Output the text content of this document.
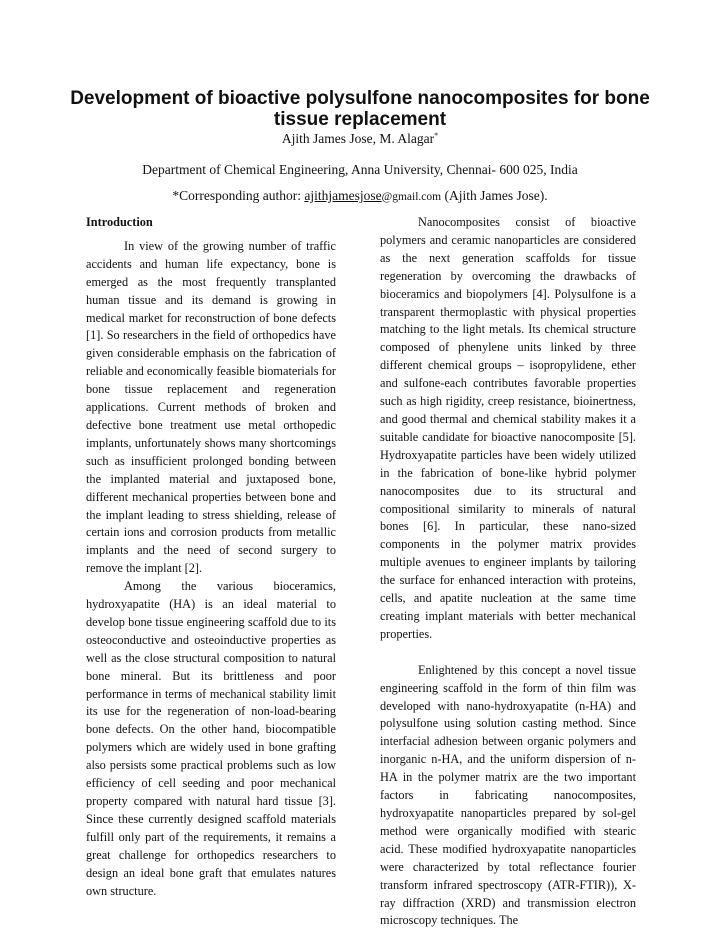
Development of bioactive polysulfone nanocomposites for bone tissue replacement
Ajith James Jose, M. Alagar*
Department of Chemical Engineering, Anna University, Chennai- 600 025, India
*Corresponding author: ajithjamesjose@gmail.com (Ajith James Jose).
Introduction

In view of the growing number of traffic accidents and human life expectancy, bone is emerged as the most frequently transplanted human tissue and its demand is growing in medical market for reconstruction of bone defects [1]. So researchers in the field of orthopedics have given considerable emphasis on the fabrication of reliable and economically feasible biomaterials for bone tissue replacement and regeneration applications. Current methods of broken and defective bone treatment use metal orthopedic implants, unfortunately shows many shortcomings such as insufficient prolonged bonding between the implanted material and juxtaposed bone, different mechanical properties between bone and the implant leading to stress shielding, release of certain ions and corrosion products from metallic implants and the need of second surgery to remove the implant [2].

Among the various bioceramics, hydroxyapatite (HA) is an ideal material to develop bone tissue engineering scaffold due to its osteoconductive and osteoinductive properties as well as the close structural composition to natural bone mineral. But its brittleness and poor performance in terms of mechanical stability limit its use for the regeneration of non-load-bearing bone defects. On the other hand, biocompatible polymers which are widely used in bone grafting also persists some practical problems such as low efficiency of cell seeding and poor mechanical property compared with natural hard tissue [3]. Since these currently designed scaffold materials fulfill only part of the requirements, it remains a great challenge for orthopedics researchers to design an ideal bone graft that emulates natures own structure.

Nanocomposites consist of bioactive polymers and ceramic nanoparticles are considered as the next generation scaffolds for tissue regeneration by overcoming the drawbacks of bioceramics and biopolymers [4]. Polysulfone is a transparent thermoplastic with physical properties matching to the light metals. Its chemical structure composed of phenylene units linked by three different chemical groups – isopropylidene, ether and sulfone-each contributes favorable properties such as high rigidity, creep resistance, bioinertness, and good thermal and chemical stability makes it a suitable candidate for bioactive nanocomposite [5]. Hydroxyapatite particles have been widely utilized in the fabrication of bone-like hybrid polymer nanocomposites due to its structural and compositional similarity to minerals of natural bones [6]. In particular, these nano-sized components in the polymer matrix provides multiple avenues to engineer implants by tailoring the surface for enhanced interaction with proteins, cells, and apatite nucleation at the same time creating implant materials with better mechanical properties.

Enlightened by this concept a novel tissue engineering scaffold in the form of thin film was developed with nano-hydroxyapatite (n-HA) and polysulfone using solution casting method. Since interfacial adhesion between organic polymers and inorganic n-HA, and the uniform dispersion of n-HA in the polymer matrix are the two important factors in fabricating nanocomposites, hydroxyapatite nanoparticles prepared by sol-gel method were organically modified with stearic acid. These modified hydroxyapatite nanoparticles were characterized by total reflectance fourier transform infrared spectroscopy (ATR-FTIR)), X-ray diffraction (XRD) and transmission electron microscopy techniques. The
